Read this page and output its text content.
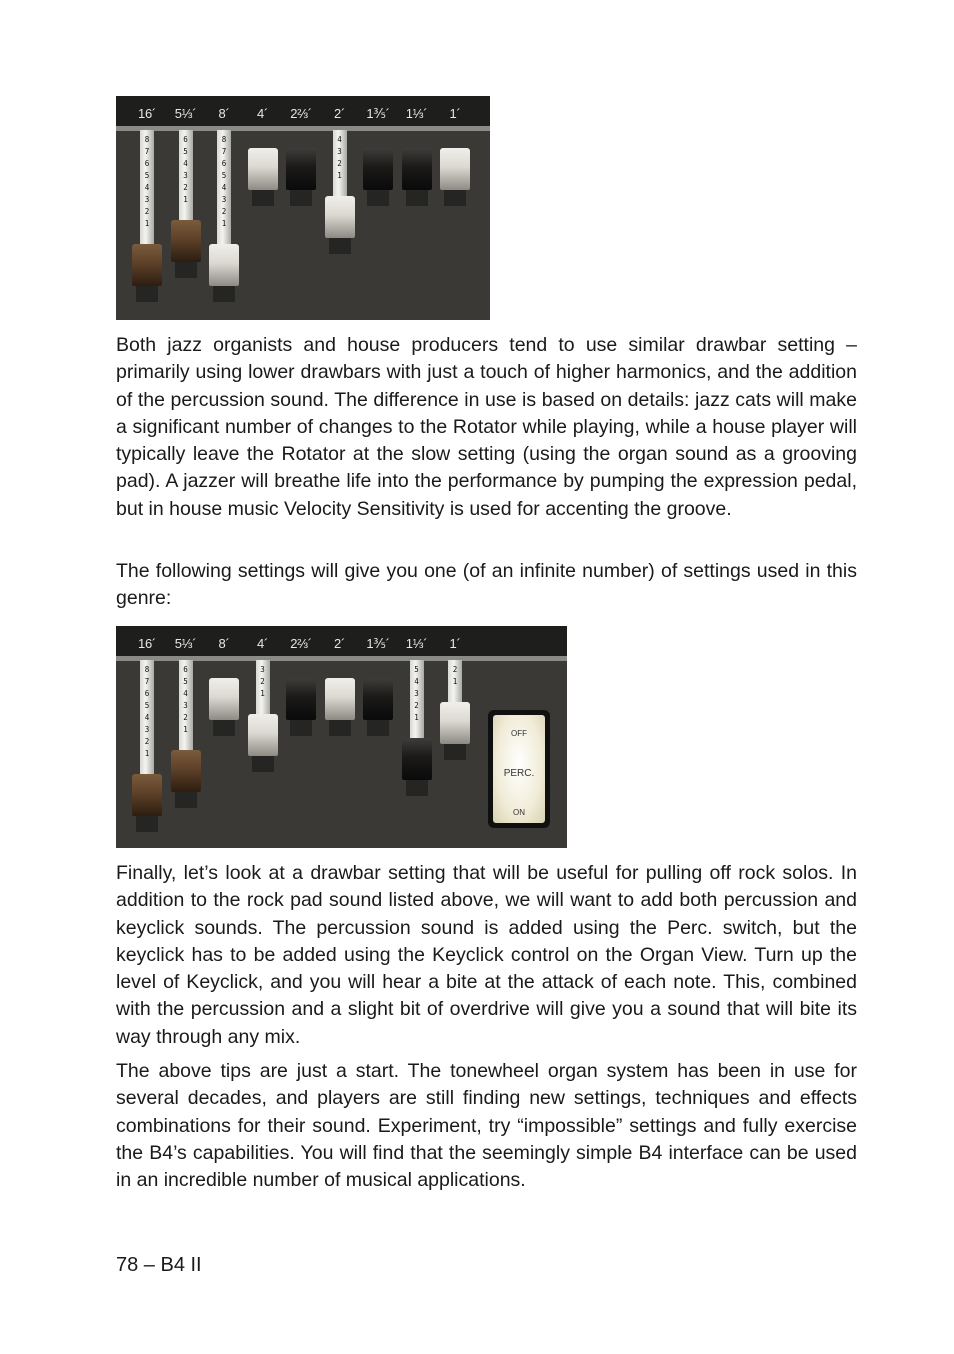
16´
8
7
6
5
4
3
2
1
5⅓´
6
5
4
3
2
1
8´
8
7
6
5
4
3
2
1
4´	2⅔´	2´
4
3
2
1
1⅗´	1⅓´	1´

Both jazz organists and house producers tend to use similar drawbar setting – primarily using lower drawbars with just a touch of higher harmonics, and the addition of the percussion sound. The difference in use is based on details: jazz cats will make a significant number of changes to the Rotator while playing, while a house player will typically leave the Rotator at the slow setting (using the organ sound as a grooving pad). A jazzer will breathe life into the performance by pumping the expression pedal, but in house music Velocity Sensitivity is used for accenting the groove.

The following settings will give you one (of an infinite number) of settings used in this genre:

OFF
PERC.
ON
16´
8
7
6
5
4
3
2
1
5⅓´
6
5
4
3
2
1
8´	4´
3
2
1
2⅔´	2´	1⅗´	1⅓´
5
4
3
2
1
1´
2
1

Finally, let’s look at a drawbar setting that will be useful for pulling off rock solos. In addition to the rock pad sound listed above, we will want to add both percussion and keyclick sounds. The percussion sound is added using the Perc. switch, but the keyclick has to be added using the Keyclick control on the Organ View. Turn up the level of Keyclick, and you will hear a bite at the attack of each note. This, combined with the percussion and a slight bit of overdrive will give you a sound that will bite its way through any mix.

The above tips are just a start. The tonewheel organ system has been in use for several decades, and players are still finding new settings, techniques and effects combinations for their sound. Experiment, try “impossible” settings and fully exercise the B4’s capabilities. You will find that the seemingly simple B4 interface can be used in an incredible number of musical applications.

78 – B4 II
